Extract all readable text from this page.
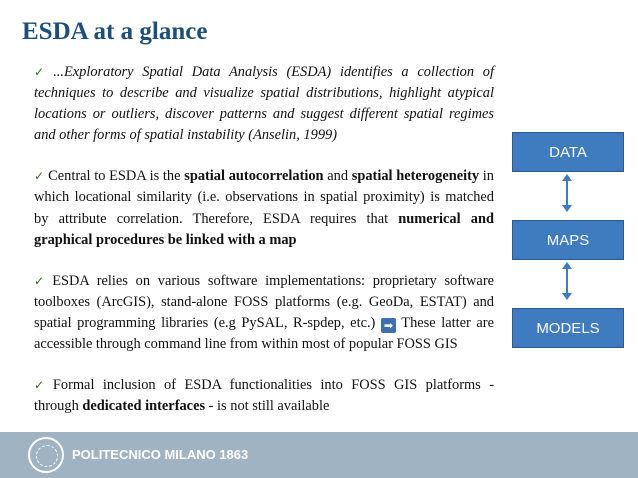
ESDA at a glance

✓ ...Exploratory Spatial Data Analysis (ESDA) identifies a collection of techniques to describe and visualize spatial distributions, highlight atypical locations or outliers, discover patterns and suggest different spatial regimes and other forms of spatial instability (Anselin, 1999)

✓ Central to ESDA is the spatial autocorrelation and spatial heterogeneity in which locational similarity (i.e. observations in spatial proximity) is matched by attribute correlation. Therefore, ESDA requires that numerical and graphical procedures be linked with a map

✓ ESDA relies on various software implementations: proprietary software toolboxes (ArcGIS), stand-alone FOSS platforms (e.g. GeoDa, ESTAT) and spatial programming libraries (e.g PySAL, R-spdep, etc.) ➡ These latter are accessible through command line from within most of popular FOSS GIS

✓ Formal inclusion of ESDA functionalities into FOSS GIS platforms - through dedicated interfaces - is not still available

DATA
MAPS
MODELS
POLITECNICO MILANO 1863
